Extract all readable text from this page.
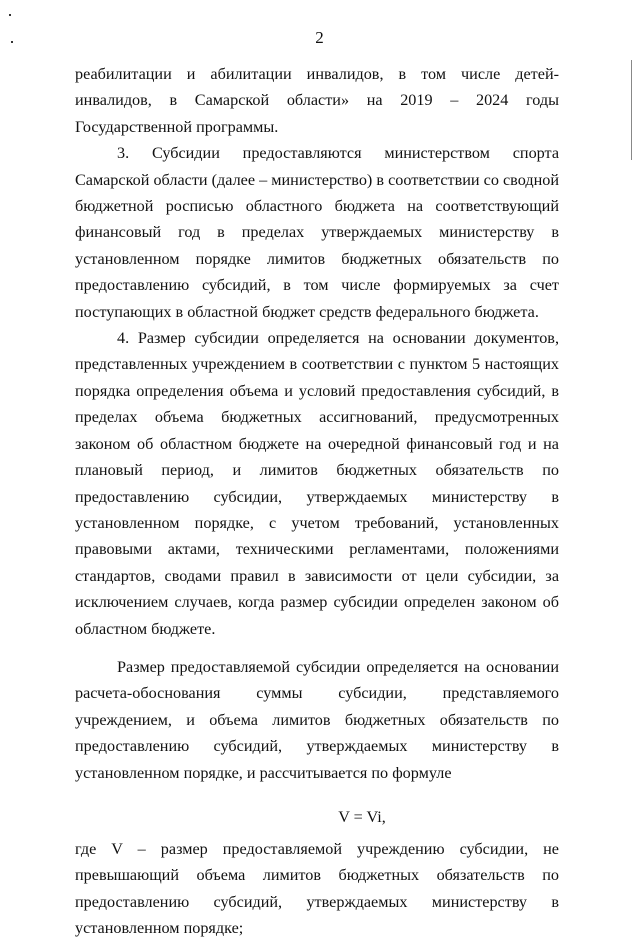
2

реабилитации и абилитации инвалидов, в том числе детей-инвалидов, в Самарской области» на 2019 – 2024 годы Государственной программы.

3. Субсидии предоставляются министерством спорта Самарской области (далее – министерство) в соответствии со сводной бюджетной росписью областного бюджета на соответствующий финансовый год в пределах утверждаемых министерству в установленном порядке лимитов бюджетных обязательств по предоставлению субсидий, в том числе формируемых за счет поступающих в областной бюджет средств федерального бюджета.

4. Размер субсидии определяется на основании документов, представленных учреждением в соответствии с пунктом 5 настоящих порядка определения объема и условий предоставления субсидий, в пределах объема бюджетных ассигнований, предусмотренных законом об областном бюджете на очередной финансовый год и на плановый период, и лимитов бюджетных обязательств по предоставлению субсидии, утверждаемых министерству в установленном порядке, с учетом требований, установленных правовыми актами, техническими регламентами, положениями стандартов, сводами правил в зависимости от цели субсидии, за исключением случаев, когда размер субсидии определен законом об областном бюджете.

Размер предоставляемой субсидии определяется на основании расчета-обоснования суммы субсидии, представляемого учреждением, и объема лимитов бюджетных обязательств по предоставлению субсидий, утверждаемых министерству в установленном порядке, и рассчитывается по формуле

V = Vi,

где V – размер предоставляемой учреждению субсидии, не превышающий объема лимитов бюджетных обязательств по предоставлению субсидий, утверждаемых министерству в установленном порядке;
